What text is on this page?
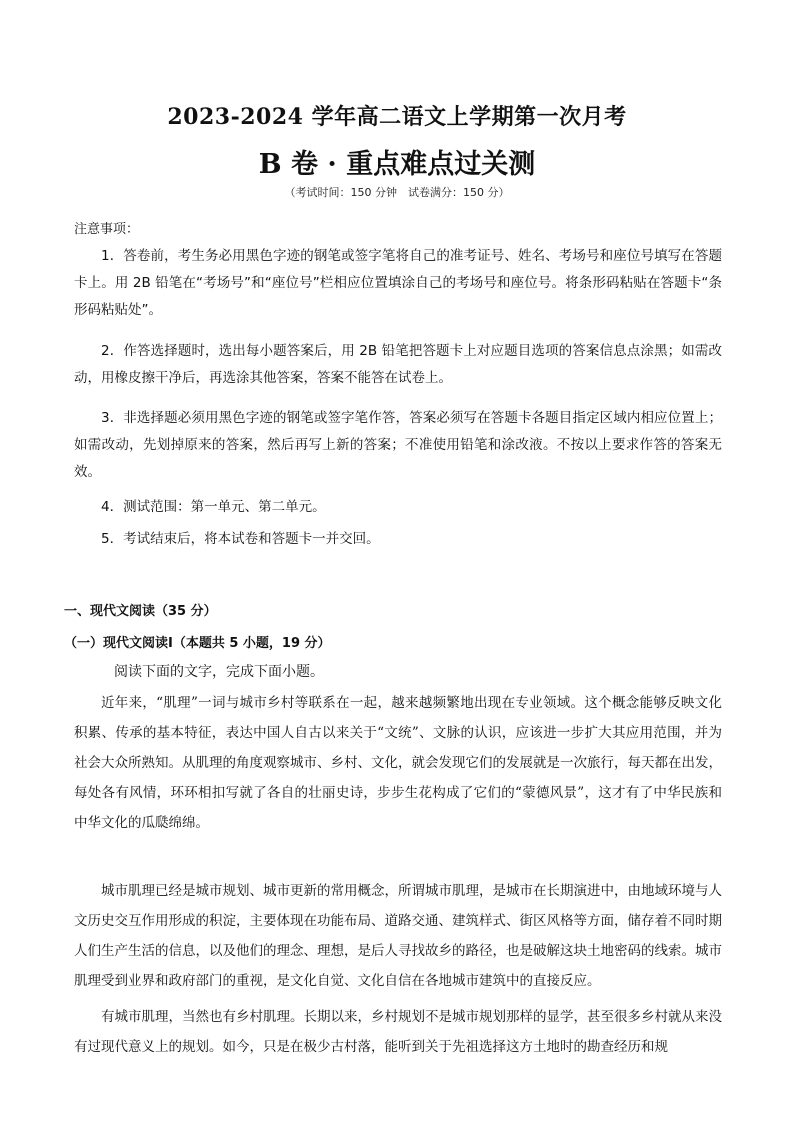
2023-2024 学年高二语文上学期第一次月考
B 卷 · 重点难点过关测
（考试时间：150 分钟　试卷满分：150 分）
注意事项：
1．答卷前，考生务必用黑色字迹的钢笔或签字笔将自己的准考证号、姓名、考场号和座位号填写在答题卡上。用 2B 铅笔在“考场号”和“座位号”栏相应位置填涂自己的考场号和座位号。将条形码粘贴在答题卡“条形码粘贴处”。
2．作答选择题时，选出每小题答案后，用 2B 铅笔把答题卡上对应题目选项的答案信息点涂黑；如需改动，用橡皮擦干净后，再选涂其他答案，答案不能答在试卷上。
3．非选择题必须用黑色字迹的钢笔或签字笔作答，答案必须写在答题卡各题目指定区域内相应位置上；如需改动，先划掉原来的答案，然后再写上新的答案；不准使用铅笔和涂改液。不按以上要求作答的答案无效。
4．测试范围：第一单元、第二单元。
5．考试结束后，将本试卷和答题卡一并交回。
一、现代文阅读（35 分）
（一）现代文阅读Ⅰ（本题共 5 小题，19 分）
阅读下面的文字，完成下面小题。
近年来，“肌理”一词与城市乡村等联系在一起，越来越频繁地出现在专业领域。这个概念能够反映文化积累、传承的基本特征，表达中国人自古以来关于“文统”、文脉的认识，应该进一步扩大其应用范围，并为社会大众所熟知。从肌理的角度观察城市、乡村、文化，就会发现它们的发展就是一次旅行，每天都在出发，每处各有风情，环环相扣写就了各自的壮丽史诗，步步生花构成了它们的“蒙德风景”，这才有了中华民族和中华文化的瓜瓞绵绵。
城市肌理已经是城市规划、城市更新的常用概念，所谓城市肌理，是城市在长期演进中，由地域环境与人文历史交互作用形成的积淀，主要体现在功能布局、道路交通、建筑样式、街区风格等方面，储存着不同时期人们生产生活的信息，以及他们的理念、理想，是后人寻找故乡的路径，也是破解这块土地密码的线索。城市肌理受到业界和政府部门的重视，是文化自觉、文化自信在各地城市建筑中的直接反应。
有城市肌理，当然也有乡村肌理。长期以来，乡村规划不是城市规划那样的显学，甚至很多乡村就从来没有过现代意义上的规划。如今，只是在极少古村落，能听到关于先祖选择这方土地时的勘查经历和规
